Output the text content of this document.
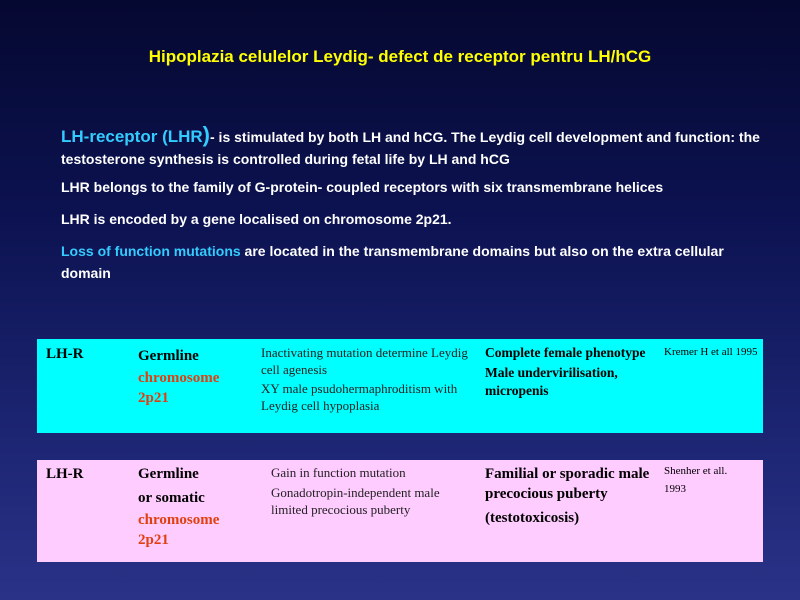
Hipoplazia celulelor Leydig- defect de receptor pentru LH/hCG

LH-receptor (LHR)- is stimulated by both LH and hCG. The Leydig cell development and function: the testosterone synthesis is controlled during fetal life by LH and hCG

LHR belongs to the family of G-protein- coupled receptors with six transmembrane helices

LHR is encoded by a gene localised on chromosome 2p21.

Loss of function mutations are located in the transmembrane domains but also on the extra cellular domain

LH-R	Germline
chromosome
2p21
Inactivating mutation determine Leydig cell agenesis
XY male psudohermaphroditism with Leydig cell hypoplasia
Complete female phenotype
Male undervirilisation, micropenis
Kremer H et all 1995
LH-R	Germline
or somatic
chromosome
2p21
Gain in function mutation
Gonadotropin-independent male limited precocious puberty
Familial or sporadic male precocious puberty
(testotoxicosis)
Shenher et all.
1993
